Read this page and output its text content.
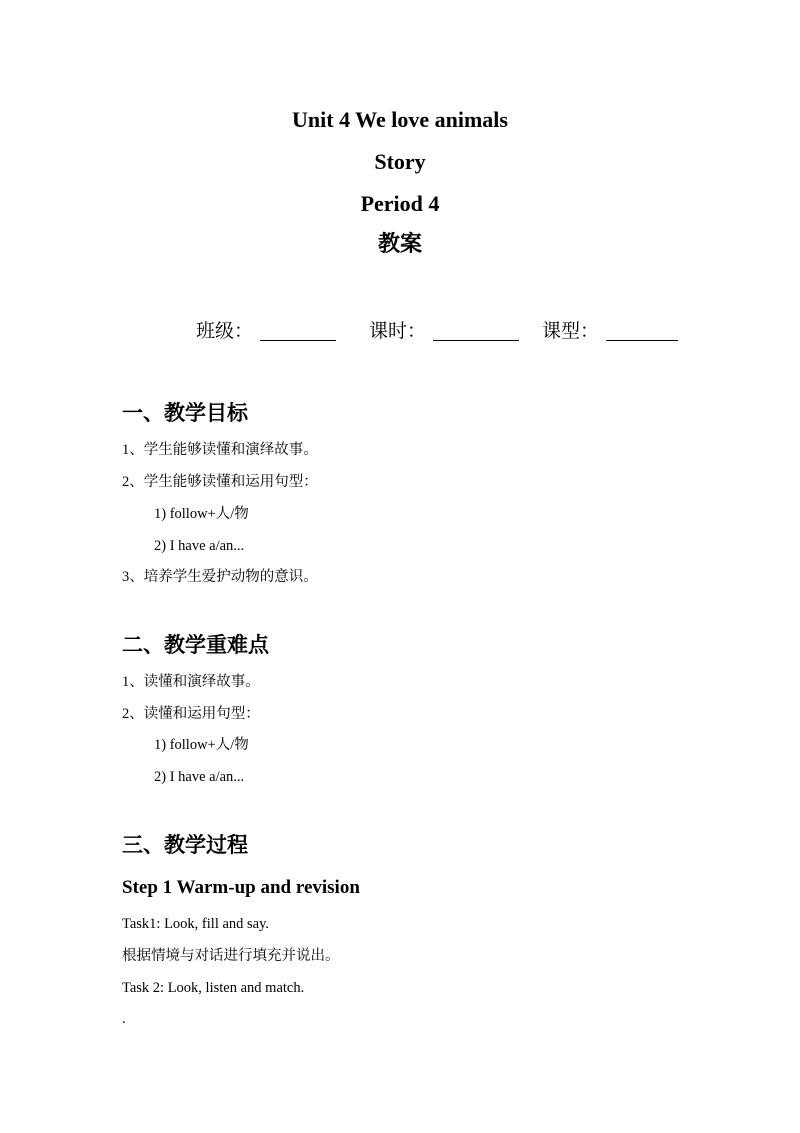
Unit 4 We love animals
Story
Period 4
教案
班级：	课时：	课型：
一、教学目标
1、学生能够读懂和演绎故事。
2、学生能够读懂和运用句型：
1) follow+人/物
2) I have a/an...
3、培养学生爱护动物的意识。
二、教学重难点
1、读懂和演绎故事。
2、读懂和运用句型：
1) follow+人/物
2) I have a/an...
三、教学过程
Step 1 Warm-up and revision
Task1: Look, fill and say.
根据情境与对话进行填充并说出。
Task 2: Look, listen and match.
.
